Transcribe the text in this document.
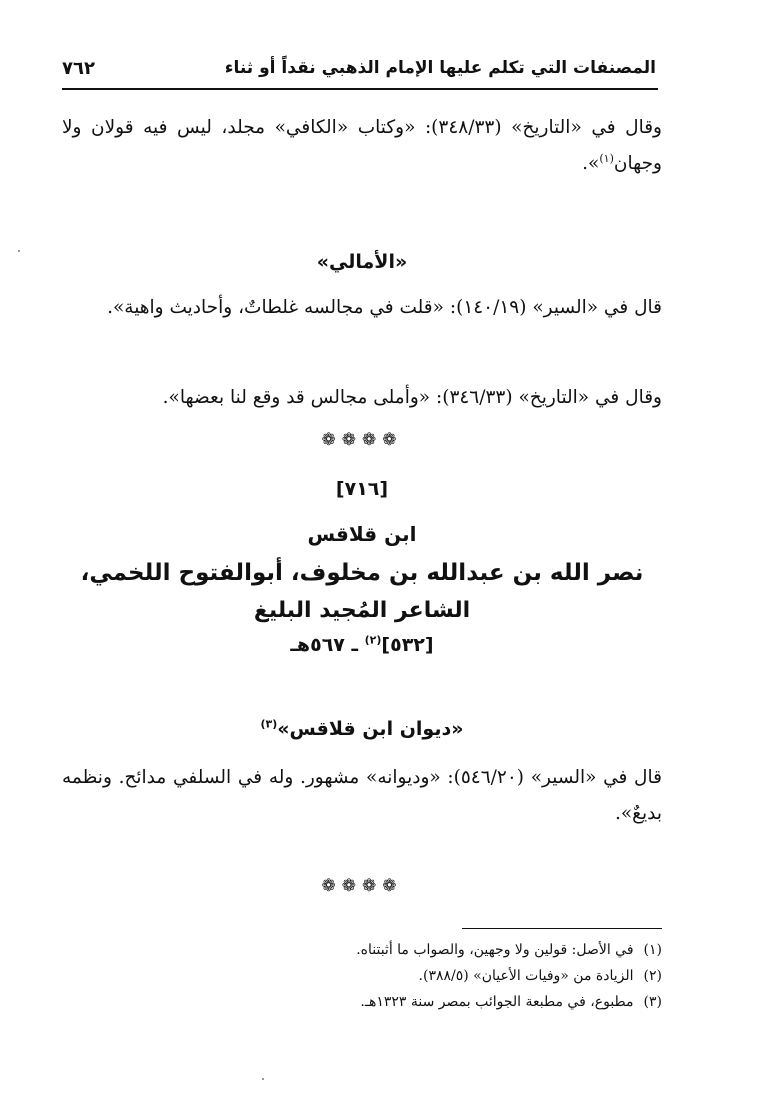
المصنفات التي تكلم عليها الإمام الذهبي نقداً أو ثناء
٧٦٢
وقال في «التاريخ» (٣٤٨/٣٣): «وكتاب «الكافي» مجلد، ليس فيه قولان ولا وجهان$^{(١)}$».
«الأمالي»
قال في «السير» (١٤٠/١٩): «قلت في مجالسه غلطاتٌ، وأحاديث واهية».
وقال في «التاريخ» (٣٤٦/٣٣): «وأملى مجالس قد وقع لنا بعضها».
❁❁❁❁
[٧١٦]
ابن قلاقس
نصر الله بن عبدالله بن مخلوف، أبوالفتوح اللخمي،
الشاعر المُجيد البليغ
[٥٣٢]$^{(٢)}$ ـ ٥٦٧هـ
«ديوان ابن قلاقس»$^{(٣)}$
قال في «السير» (٥٤٦/٢٠): «وديوانه» مشهور. وله في السلفي مدائح. ونظمه بديعٌ».
❁❁❁❁
(١)في الأصل: قولين ولا وجهين، والصواب ما أثبتناه.
(٢)الزيادة من «وفيات الأعيان» (٣٨٨/٥).
(٣)مطبوع، في مطبعة الجوائب بمصر سنة ١٣٢٣هـ.
